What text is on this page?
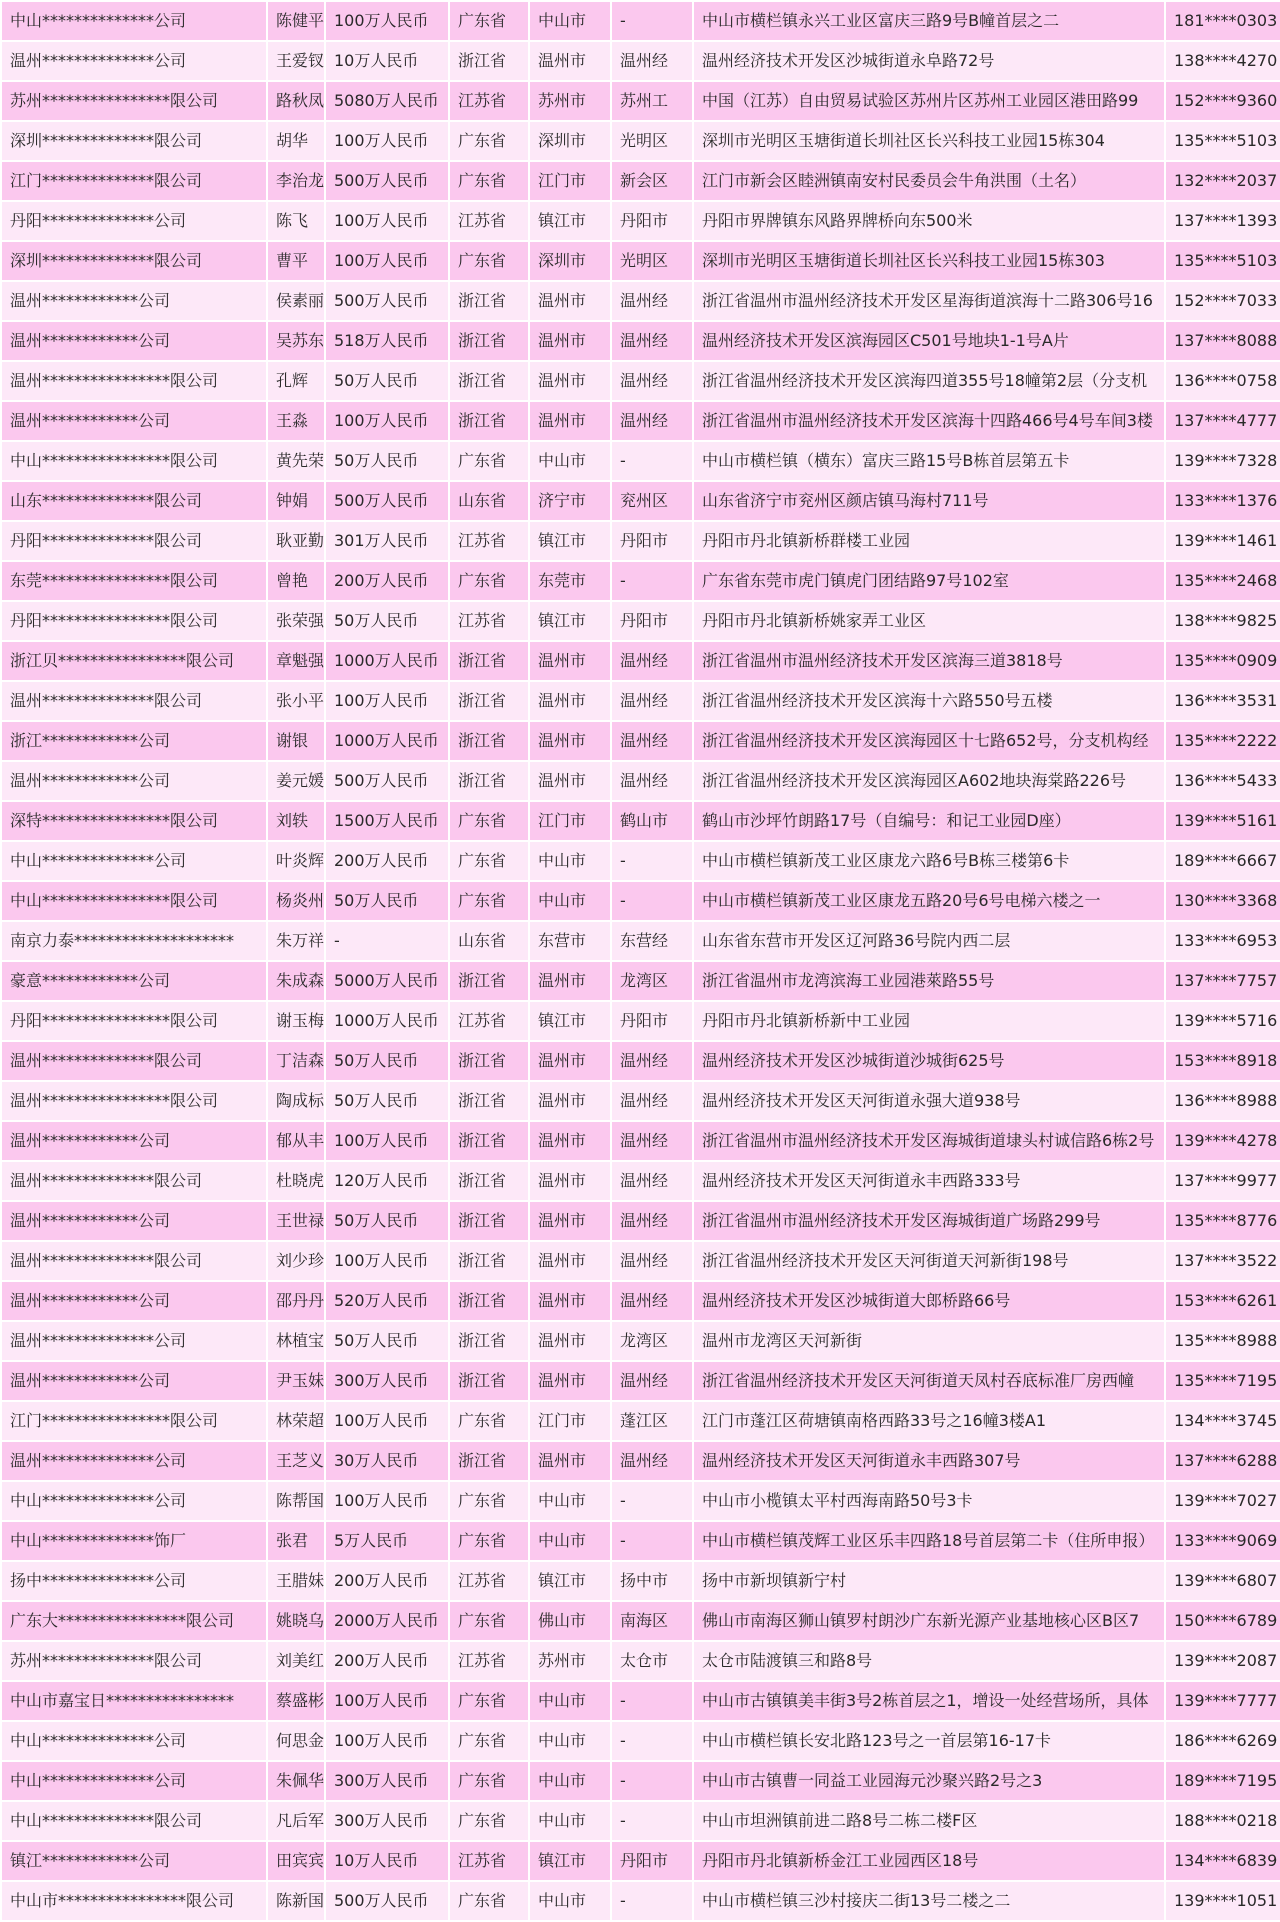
中山**************公司	陈健平	100万人民币	广东省	中山市	-	中山市横栏镇永兴工业区富庆三路9号B幢首层之二	181****0303
温州**************公司	王爱钗	10万人民币	浙江省	温州市	温州经	温州经济技术开发区沙城街道永阜路72号	138****4270
苏州****************限公司	路秋凤	5080万人民币	江苏省	苏州市	苏州工	中国（江苏）自由贸易试验区苏州片区苏州工业园区港田路99	152****9360
深圳**************限公司	胡华	100万人民币	广东省	深圳市	光明区	深圳市光明区玉塘街道长圳社区长兴科技工业园15栋304	135****5103
江门**************限公司	李治龙	500万人民币	广东省	江门市	新会区	江门市新会区睦洲镇南安村民委员会牛角洪围（土名）	132****2037
丹阳**************公司	陈飞	100万人民币	江苏省	镇江市	丹阳市	丹阳市界牌镇东风路界牌桥向东500米	137****1393
深圳**************限公司	曹平	100万人民币	广东省	深圳市	光明区	深圳市光明区玉塘街道长圳社区长兴科技工业园15栋303	135****5103
温州************公司	侯素丽	500万人民币	浙江省	温州市	温州经	浙江省温州市温州经济技术开发区星海街道滨海十二路306号16	152****7033
温州************公司	吴苏东	518万人民币	浙江省	温州市	温州经	温州经济技术开发区滨海园区C501号地块1-1号A片	137****8088
温州****************限公司	孔辉	50万人民币	浙江省	温州市	温州经	浙江省温州经济技术开发区滨海四道355号18幢第2层（分支机	136****0758
温州************公司	王淼	100万人民币	浙江省	温州市	温州经	浙江省温州市温州经济技术开发区滨海十四路466号4号车间3楼	137****4777
中山****************限公司	黄先荣	50万人民币	广东省	中山市	-	中山市横栏镇（横东）富庆三路15号B栋首层第五卡	139****7328
山东**************限公司	钟娟	500万人民币	山东省	济宁市	兖州区	山东省济宁市兖州区颜店镇马海村711号	133****1376
丹阳**************限公司	耿亚勤	301万人民币	江苏省	镇江市	丹阳市	丹阳市丹北镇新桥群楼工业园	139****1461
东莞****************限公司	曾艳	200万人民币	广东省	东莞市	-	广东省东莞市虎门镇虎门团结路97号102室	135****2468
丹阳****************限公司	张荣强	50万人民币	江苏省	镇江市	丹阳市	丹阳市丹北镇新桥姚家弄工业区	138****9825
浙江贝****************限公司	章魁强	1000万人民币	浙江省	温州市	温州经	浙江省温州市温州经济技术开发区滨海三道3818号	135****0909
温州**************限公司	张小平	100万人民币	浙江省	温州市	温州经	浙江省温州经济技术开发区滨海十六路550号五楼	136****3531
浙江************公司	谢银	1000万人民币	浙江省	温州市	温州经	浙江省温州经济技术开发区滨海园区十七路652号，分支机构经	135****2222
温州************公司	姜元媛	500万人民币	浙江省	温州市	温州经	浙江省温州经济技术开发区滨海园区A602地块海棠路226号	136****5433
深特****************限公司	刘轶	1500万人民币	广东省	江门市	鹤山市	鹤山市沙坪竹朗路17号（自编号：和记工业园D座）	139****5161
中山**************公司	叶炎辉	200万人民币	广东省	中山市	-	中山市横栏镇新茂工业区康龙六路6号B栋三楼第6卡	189****6667
中山****************限公司	杨炎州	50万人民币	广东省	中山市	-	中山市横栏镇新茂工业区康龙五路20号6号电梯六楼之一	130****3368
南京力泰********************	朱万祥	-	山东省	东营市	东营经	山东省东营市开发区辽河路36号院内西二层	133****6953
豪意************公司	朱成森	5000万人民币	浙江省	温州市	龙湾区	浙江省温州市龙湾滨海工业园港萊路55号	137****7757
丹阳****************限公司	谢玉梅	1000万人民币	江苏省	镇江市	丹阳市	丹阳市丹北镇新桥新中工业园	139****5716
温州**************限公司	丁洁森	50万人民币	浙江省	温州市	温州经	温州经济技术开发区沙城街道沙城街625号	153****8918
温州****************限公司	陶成标	50万人民币	浙江省	温州市	温州经	温州经济技术开发区天河街道永强大道938号	136****8988
温州************公司	郁从丰	100万人民币	浙江省	温州市	温州经	浙江省温州市温州经济技术开发区海城街道埭头村诚信路6栋2号	139****4278
温州**************限公司	杜晓虎	120万人民币	浙江省	温州市	温州经	温州经济技术开发区天河街道永丰西路333号	137****9977
温州************公司	王世禄	50万人民币	浙江省	温州市	温州经	浙江省温州市温州经济技术开发区海城街道广场路299号	135****8776
温州**************限公司	刘少珍	100万人民币	浙江省	温州市	温州经	浙江省温州经济技术开发区天河街道天河新街198号	137****3522
温州************公司	邵丹丹	520万人民币	浙江省	温州市	温州经	温州经济技术开发区沙城街道大郎桥路66号	153****6261
温州**************公司	林植宝	50万人民币	浙江省	温州市	龙湾区	温州市龙湾区天河新街	135****8988
温州************公司	尹玉妹	300万人民币	浙江省	温州市	温州经	浙江省温州经济技术开发区天河街道天凤村吞底标准厂房西幢	135****7195
江门****************限公司	林荣超	100万人民币	广东省	江门市	蓬江区	江门市蓬江区荷塘镇南格西路33号之16幢3楼A1	134****3745
温州**************公司	王芝义	30万人民币	浙江省	温州市	温州经	温州经济技术开发区天河街道永丰西路307号	137****6288
中山**************公司	陈帮国	100万人民币	广东省	中山市	-	中山市小榄镇太平村西海南路50号3卡	139****7027
中山**************饰厂	张君	5万人民币	广东省	中山市	-	中山市横栏镇茂辉工业区乐丰四路18号首层第二卡（住所申报）	133****9069
扬中**************公司	王腊妹	200万人民币	江苏省	镇江市	扬中市	扬中市新坝镇新宁村	139****6807
广东大****************限公司	姚晓乌	2000万人民币	广东省	佛山市	南海区	佛山市南海区狮山镇罗村朗沙广东新光源产业基地核心区B区7	150****6789
苏州**************限公司	刘美红	200万人民币	江苏省	苏州市	太仓市	太仓市陆渡镇三和路8号	139****2087
中山市嘉宝日****************	蔡盛彬	100万人民币	广东省	中山市	-	中山市古镇镇美丰街3号2栋首层之1，增设一处经营场所，具体	139****7777
中山**************公司	何思金	100万人民币	广东省	中山市	-	中山市横栏镇长安北路123号之一首层第16-17卡	186****6269
中山**************公司	朱佩华	300万人民币	广东省	中山市	-	中山市古镇曹一同益工业园海元沙聚兴路2号之3	189****7195
中山**************限公司	凡后军	300万人民币	广东省	中山市	-	中山市坦洲镇前进二路8号二栋二楼F区	188****0218
镇江************公司	田宾宾	10万人民币	江苏省	镇江市	丹阳市	丹阳市丹北镇新桥金江工业园西区18号	134****6839
中山市****************限公司	陈新国	500万人民币	广东省	中山市	-	中山市横栏镇三沙村接庆二街13号二楼之二	139****1051
